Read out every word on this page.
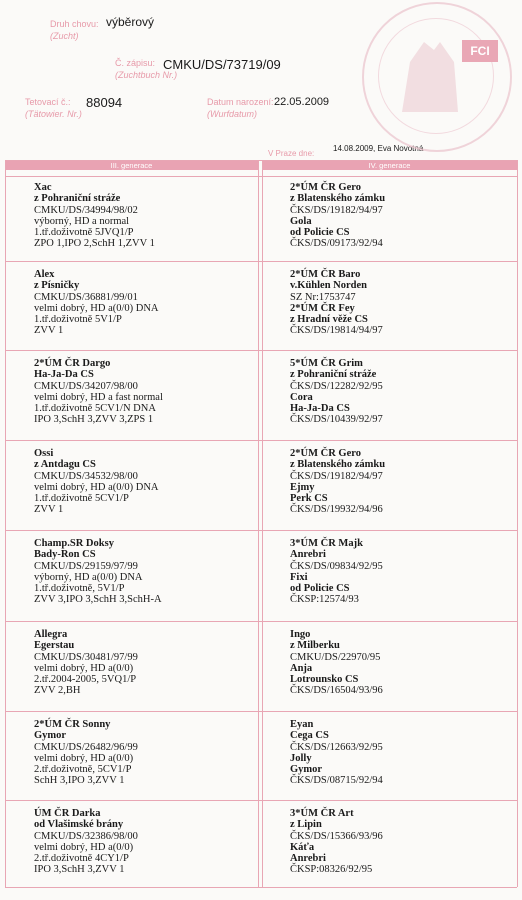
Druh chovu:
(Zucht)
výběrový
Č. zápisu:
(Zuchtbuch Nr.)
CMKU/DS/73719/09
Tetovací č.:
(Tätowier. Nr.)
88094	Datum narození:
(Wurfdatum)
22.05.2009
V Praze dne:
14.08.2009, Eva Novotná
FCI
III. generace	IV. generace
Xac
z Pohraniční stráže
CMKU/DS/34994/98/02
výborný, HD a normal
1.tř.doživotně 5JVQ1/P
ZPO 1,IPO 2,SchH 1,ZVV 1
2*ÚM ČR Gero
z Blatenského zámku
ČKS/DS/19182/94/97
Gola
od Policie CS
ČKS/DS/09173/92/94
Alex
z Písničky
CMKU/DS/36881/99/01
velmi dobrý, HD a(0/0) DNA
1.tř.doživotně 5V1/P
ZVV 1
2*ÚM ČR Baro
v.Kühlen Norden
SZ Nr:1753747
2*ÚM ČR Fey
z Hradní věže CS
ČKS/DS/19814/94/97
2*ÚM ČR Dargo
Ha-Ja-Da CS
CMKU/DS/34207/98/00
velmi dobrý, HD a fast normal
1.tř.doživotně 5CV1/N DNA
IPO 3,SchH 3,ZVV 3,ZPS 1
5*ÚM ČR Grim
z Pohraniční stráže
ČKS/DS/12282/92/95
Cora
Ha-Ja-Da CS
ČKS/DS/10439/92/97
Ossi
z Antdagu CS
CMKU/DS/34532/98/00
velmi dobrý, HD a(0/0) DNA
1.tř.doživotně 5CV1/P
ZVV 1
2*ÚM ČR Gero
z Blatenského zámku
ČKS/DS/19182/94/97
Ejmy
Perk CS
ČKS/DS/19932/94/96
Champ.SR Doksy
Bady-Ron CS
CMKU/DS/29159/97/99
výborný, HD a(0/0) DNA
1.tř.doživotně, 5V1/P
ZVV 3,IPO 3,SchH 3,SchH-A
3*ÚM ČR Majk
Anrebri
ČKS/DS/09834/92/95
Fixi
od Policie CS
ČKSP:12574/93
Allegra
Egerstau
CMKU/DS/30481/97/99
velmi dobrý, HD a(0/0)
2.tř.2004-2005, 5VQ1/P
ZVV 2,BH
Ingo
z Milberku
CMKU/DS/22970/95
Anja
Lotrounsko CS
ČKS/DS/16504/93/96
2*ÚM ČR Sonny
Gymor
CMKU/DS/26482/96/99
velmi dobrý, HD a(0/0)
2.tř.doživotně, 5CV1/P
SchH 3,IPO 3,ZVV 1
Eyan
Cega CS
ČKS/DS/12663/92/95
Jolly
Gymor
ČKS/DS/08715/92/94
ÚM ČR Darka
od Vlašimské brány
CMKU/DS/32386/98/00
velmi dobrý, HD a(0/0)
2.tř.doživotně 4CY1/P
IPO 3,SchH 3,ZVV 1
3*ÚM ČR Art
z Lipin
ČKS/DS/15366/93/96
Káťa
Anrebri
ČKSP:08326/92/95
